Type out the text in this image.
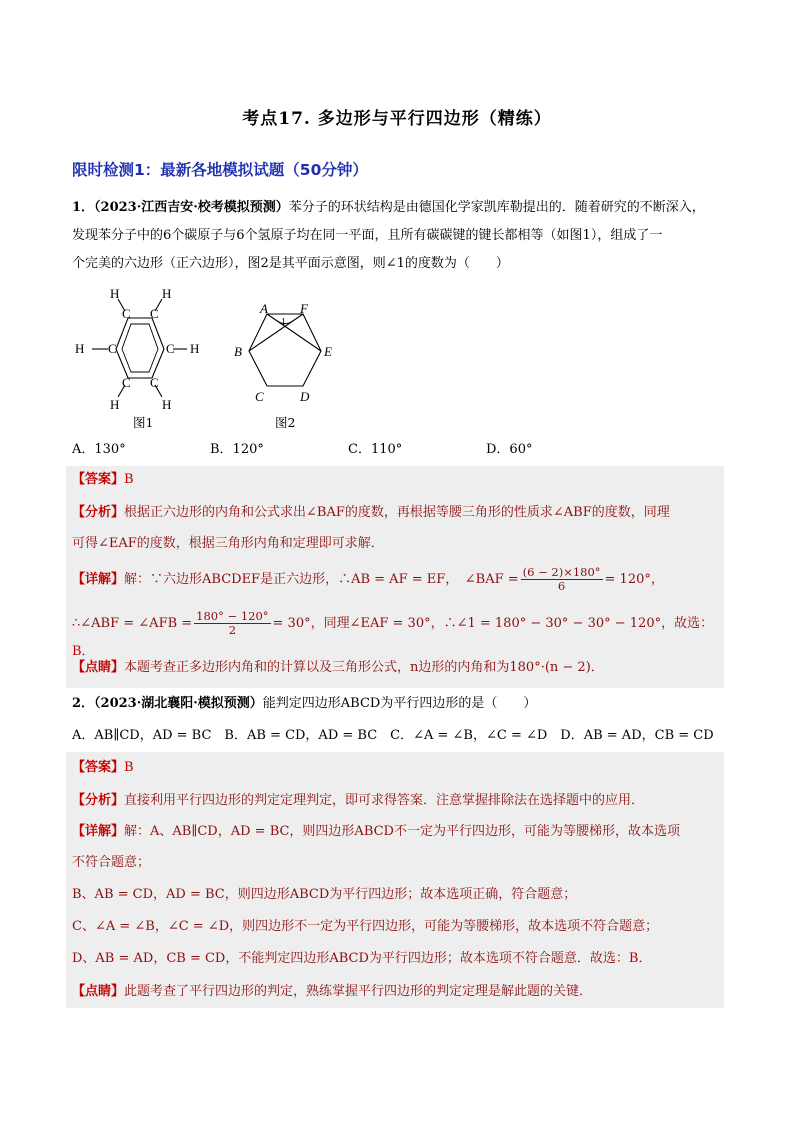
考点17. 多边形与平行四边形（精练）
限时检测1：最新各地模拟试题（50分钟）
1．（2023·江西吉安·校考模拟预测）苯分子的环状结构是由德国化学家凯库勒提出的．随着研究的不断深入，
发现苯分子中的6个碳原子与6个氢原子均在同一平面，且所有碳碳键的键长都相等（如图1），组成了一
个完美的六边形（正六边形），图2是其平面示意图，则∠1的度数为（　　）
H	H
C C
H C	C H
C C
H	H
图1
A F
B	E
C	D
1
图2
A．130°	B．120°	C．110°	D．60°
【答案】B
【分析】根据正六边形的内角和公式求出∠BAF的度数，再根据等腰三角形的性质求∠ABF的度数，同理
可得∠EAF的度数，根据三角形内角和定理即可求解．
【详解】解：∵六边形ABCDEF是正六边形，∴AB = AF = EF，　∠BAF = $\frac{(6 - 2)\times 180^\circ}{6} = 120^\circ$，
∴∠ABF = ∠AFB = $\frac{180^\circ - 120^\circ}{2} = 30^\circ$，同理∠EAF = 30°，∴∠1 = 180° − 30° − 30° − 120°，故选：B．
【点睛】本题考查正多边形内角和的计算以及三角形公式，n边形的内角和为180°·(n − 2)．
2．（2023·湖北襄阳·模拟预测）能判定四边形ABCD为平行四边形的是（　　）
A．AB∥CD，AD = BC　B．AB = CD，AD = BC　C．∠A = ∠B，∠C = ∠D　D．AB = AD，CB = CD
【答案】B
【分析】直接利用平行四边形的判定定理判定，即可求得答案．注意掌握排除法在选择题中的应用．
【详解】解：A、AB∥CD，AD = BC，则四边形ABCD不一定为平行四边形，可能为等腰梯形，故本选项
不符合题意；
B、AB = CD，AD = BC，则四边形ABCD为平行四边形；故本选项正确，符合题意；
C、∠A = ∠B，∠C = ∠D，则四边形不一定为平行四边形，可能为等腰梯形，故本选项不符合题意；
D、AB = AD，CB = CD，不能判定四边形ABCD为平行四边形；故本选项不符合题意．故选：B．
【点睛】此题考查了平行四边形的判定，熟练掌握平行四边形的判定定理是解此题的关键．
